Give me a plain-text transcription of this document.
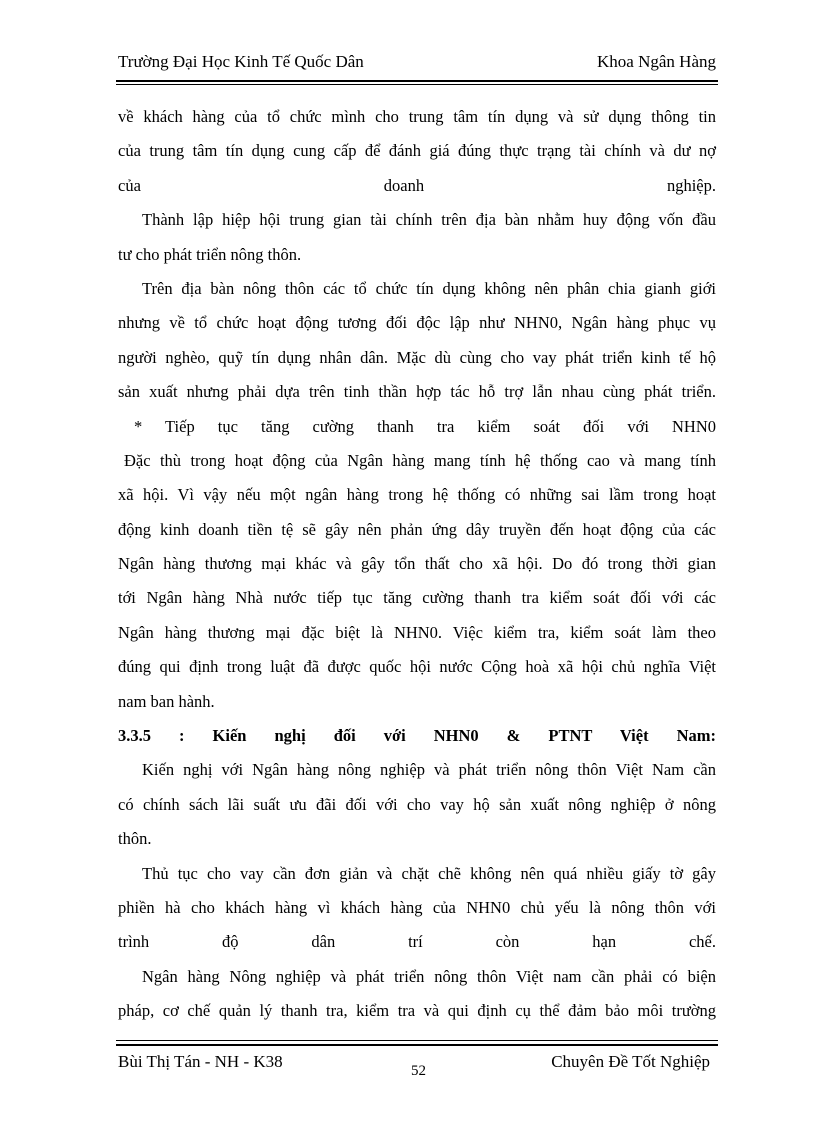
Trường Đại Học Kinh Tế Quốc Dân	Khoa Ngân Hàng
về khách hàng của tổ chức mình cho trung tâm tín dụng và sử dụng thông tin
của trung tâm tín dụng cung cấp để đánh giá đúng thực trạng tài chính và dư nợ
của doanh nghiệp.
Thành lập hiệp hội trung gian tài chính trên địa bàn nhằm huy động vốn đầu
tư cho phát triển nông thôn.
Trên địa bàn nông thôn các tổ chức tín dụng không nên phân chia gianh giới
nhưng về tổ chức hoạt động tương đối độc lập như NHN0, Ngân hàng phục vụ
người nghèo, quỹ tín dụng nhân dân. Mặc dù cùng cho vay phát triển kinh tế hộ
sản xuất nhưng phải dựa trên tinh thần hợp tác hỗ trợ lẫn nhau cùng phát triển.
* Tiếp tục tăng cường thanh tra kiểm soát đối với NHN0
Đặc thù trong hoạt động của Ngân hàng mang tính hệ thống cao và mang tính
xã hội. Vì vậy nếu một ngân hàng trong hệ thống có những sai lầm trong hoạt
động kinh doanh tiền tệ sẽ gây nên phản ứng dây truyền đến hoạt động của các
Ngân hàng thương mại khác và gây tổn thất cho xã hội. Do đó trong thời gian
tới Ngân hàng Nhà nước tiếp tục tăng cường thanh tra kiểm soát đối với các
Ngân hàng thương mại đặc biệt là NHN0. Việc kiểm tra, kiểm soát làm theo
đúng qui định trong luật đã được quốc hội nước Cộng hoà xã hội chủ nghĩa Việt
nam ban hành.
3.3.5 : Kiến nghị đối với NHN0 & PTNT Việt Nam:
Kiến nghị với Ngân hàng nông nghiệp và phát triển nông thôn Việt Nam cần
có chính sách lãi suất ưu đãi đối với cho vay hộ sản xuất nông nghiệp ở nông
thôn.
Thủ tục cho vay cần đơn giản và chặt chẽ không nên quá nhiều giấy tờ gây
phiền hà cho khách hàng vì khách hàng của NHN0 chủ yếu là nông thôn với
trình độ dân trí còn hạn chế.
Ngân hàng Nông nghiệp và phát triển nông thôn Việt nam cần phải có biện
pháp, cơ chế quản lý thanh tra, kiểm tra và qui định cụ thể đảm bảo môi trường
Bùi Thị Tán - NH - K38	52	Chuyên Đề Tốt Nghiệp
